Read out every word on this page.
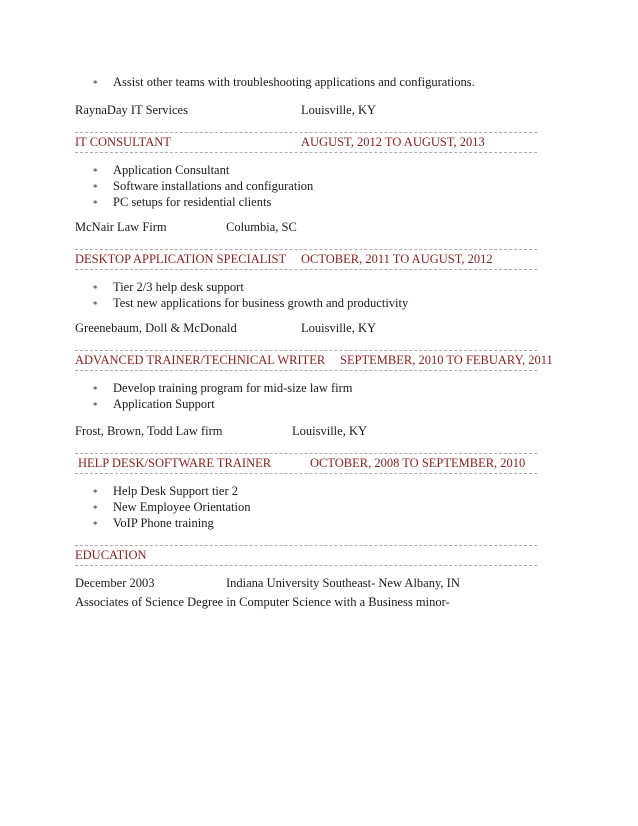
∗ Assist other teams with troubleshooting applications and configurations.
RaynaDay IT Services	Louisville, KY
IT CONSULTANT	AUGUST, 2012 TO AUGUST, 2013
∗ Application Consultant
∗ Software installations and configuration
∗ PC setups for residential clients
McNair Law Firm	Columbia, SC
DESKTOP APPLICATION SPECIALIST OCTOBER, 2011 TO AUGUST, 2012
∗ Tier 2/3 help desk support
∗ Test new applications for business growth and productivity
Greenebaum, Doll & McDonald	Louisville, KY
ADVANCED TRAINER/TECHNICAL WRITER SEPTEMBER, 2010 TO FEBUARY, 2011
∗ Develop training program for mid-size law firm
∗ Application Support
Frost, Brown, Todd Law firm	Louisville, KY
HELP DESK/SOFTWARE TRAINER	OCTOBER, 2008 TO SEPTEMBER, 2010
∗ Help Desk Support tier 2
∗ New Employee Orientation
∗ VoIP Phone training
EDUCATION
December 2003	Indiana University Southeast- New Albany, IN
Associates of Science Degree in Computer Science with a Business minor-
